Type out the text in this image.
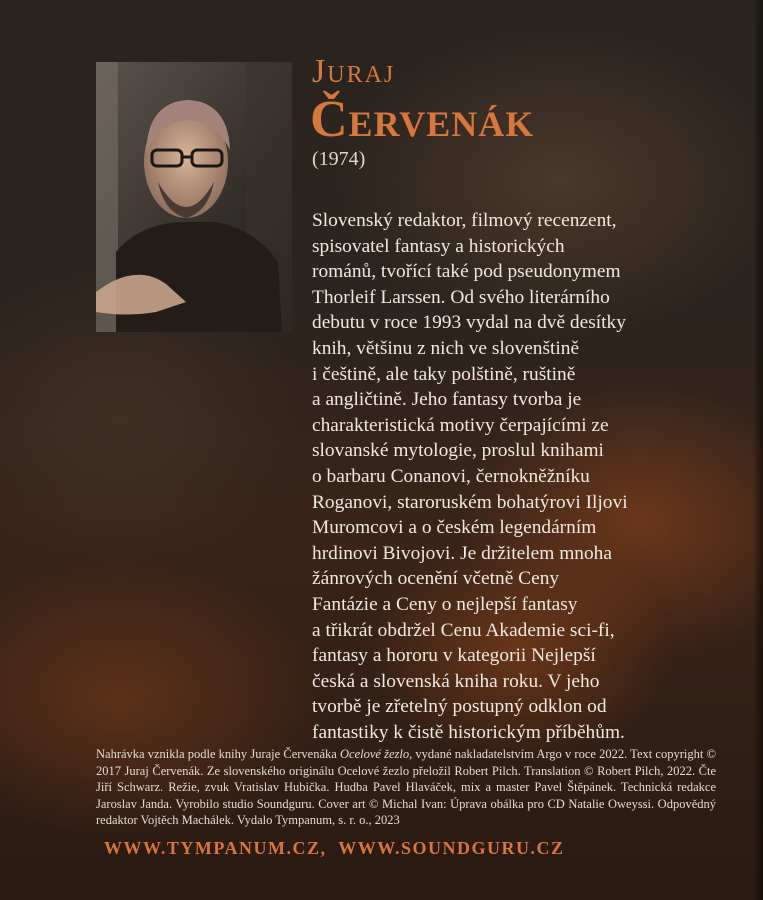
Juraj
Červenák
(1974)

Slovenský redaktor, filmový recenzent,
spisovatel fantasy a historických
románů, tvořící také pod pseudonymem
Thorleif Larssen. Od svého literárního
debutu v roce 1993 vydal na dvě desítky
knih, většinu z nich ve slovenštině
i češtině, ale taky polštině, ruštině
a angličtině. Jeho fantasy tvorba je
charakteristická motivy čerpajícími ze
slovanské mytologie, proslul knihami
o barbaru Conanovi, černokněžníku
Roganovi, staroruském bohatýrovi Iljovi
Muromcovi a o českém legendárním
hrdinovi Bivojovi. Je držitelem mnoha
žánrových ocenění včetně Ceny
Fantázie a Ceny o nejlepší fantasy
a třikrát obdržel Cenu Akademie sci-fi,
fantasy a hororu v kategorii Nejlepší
česká a slovenská kniha roku. V jeho
tvorbě je zřetelný postupný odklon od
fantastiky k čistě historickým příběhům.

Nahrávka vznikla podle knihy Juraje Červenáka Ocelové žezlo, vydané nakladatelstvím Argo v roce 2022. Text copyright © 2017 Juraj Červenák. Ze slovenského originálu Ocelové žezlo přeložil Robert Pilch. Translation © Robert Pilch, 2022. Čte Jiří Schwarz. Režie, zvuk Vratislav Hubička. Hudba Pavel Hlaváček, mix a master Pavel Štěpánek. Technická redakce Jaroslav Janda. Vyrobilo studio Soundguru. Cover art © Michal Ivan: Úprava obálka pro CD Natalie Oweyssi. Odpovědný redaktor Vojtěch Machálek. Vydalo Tympanum, s. r. o., 2023

WWW.TYMPANUM.CZ, WWW.SOUNDGURU.CZ
